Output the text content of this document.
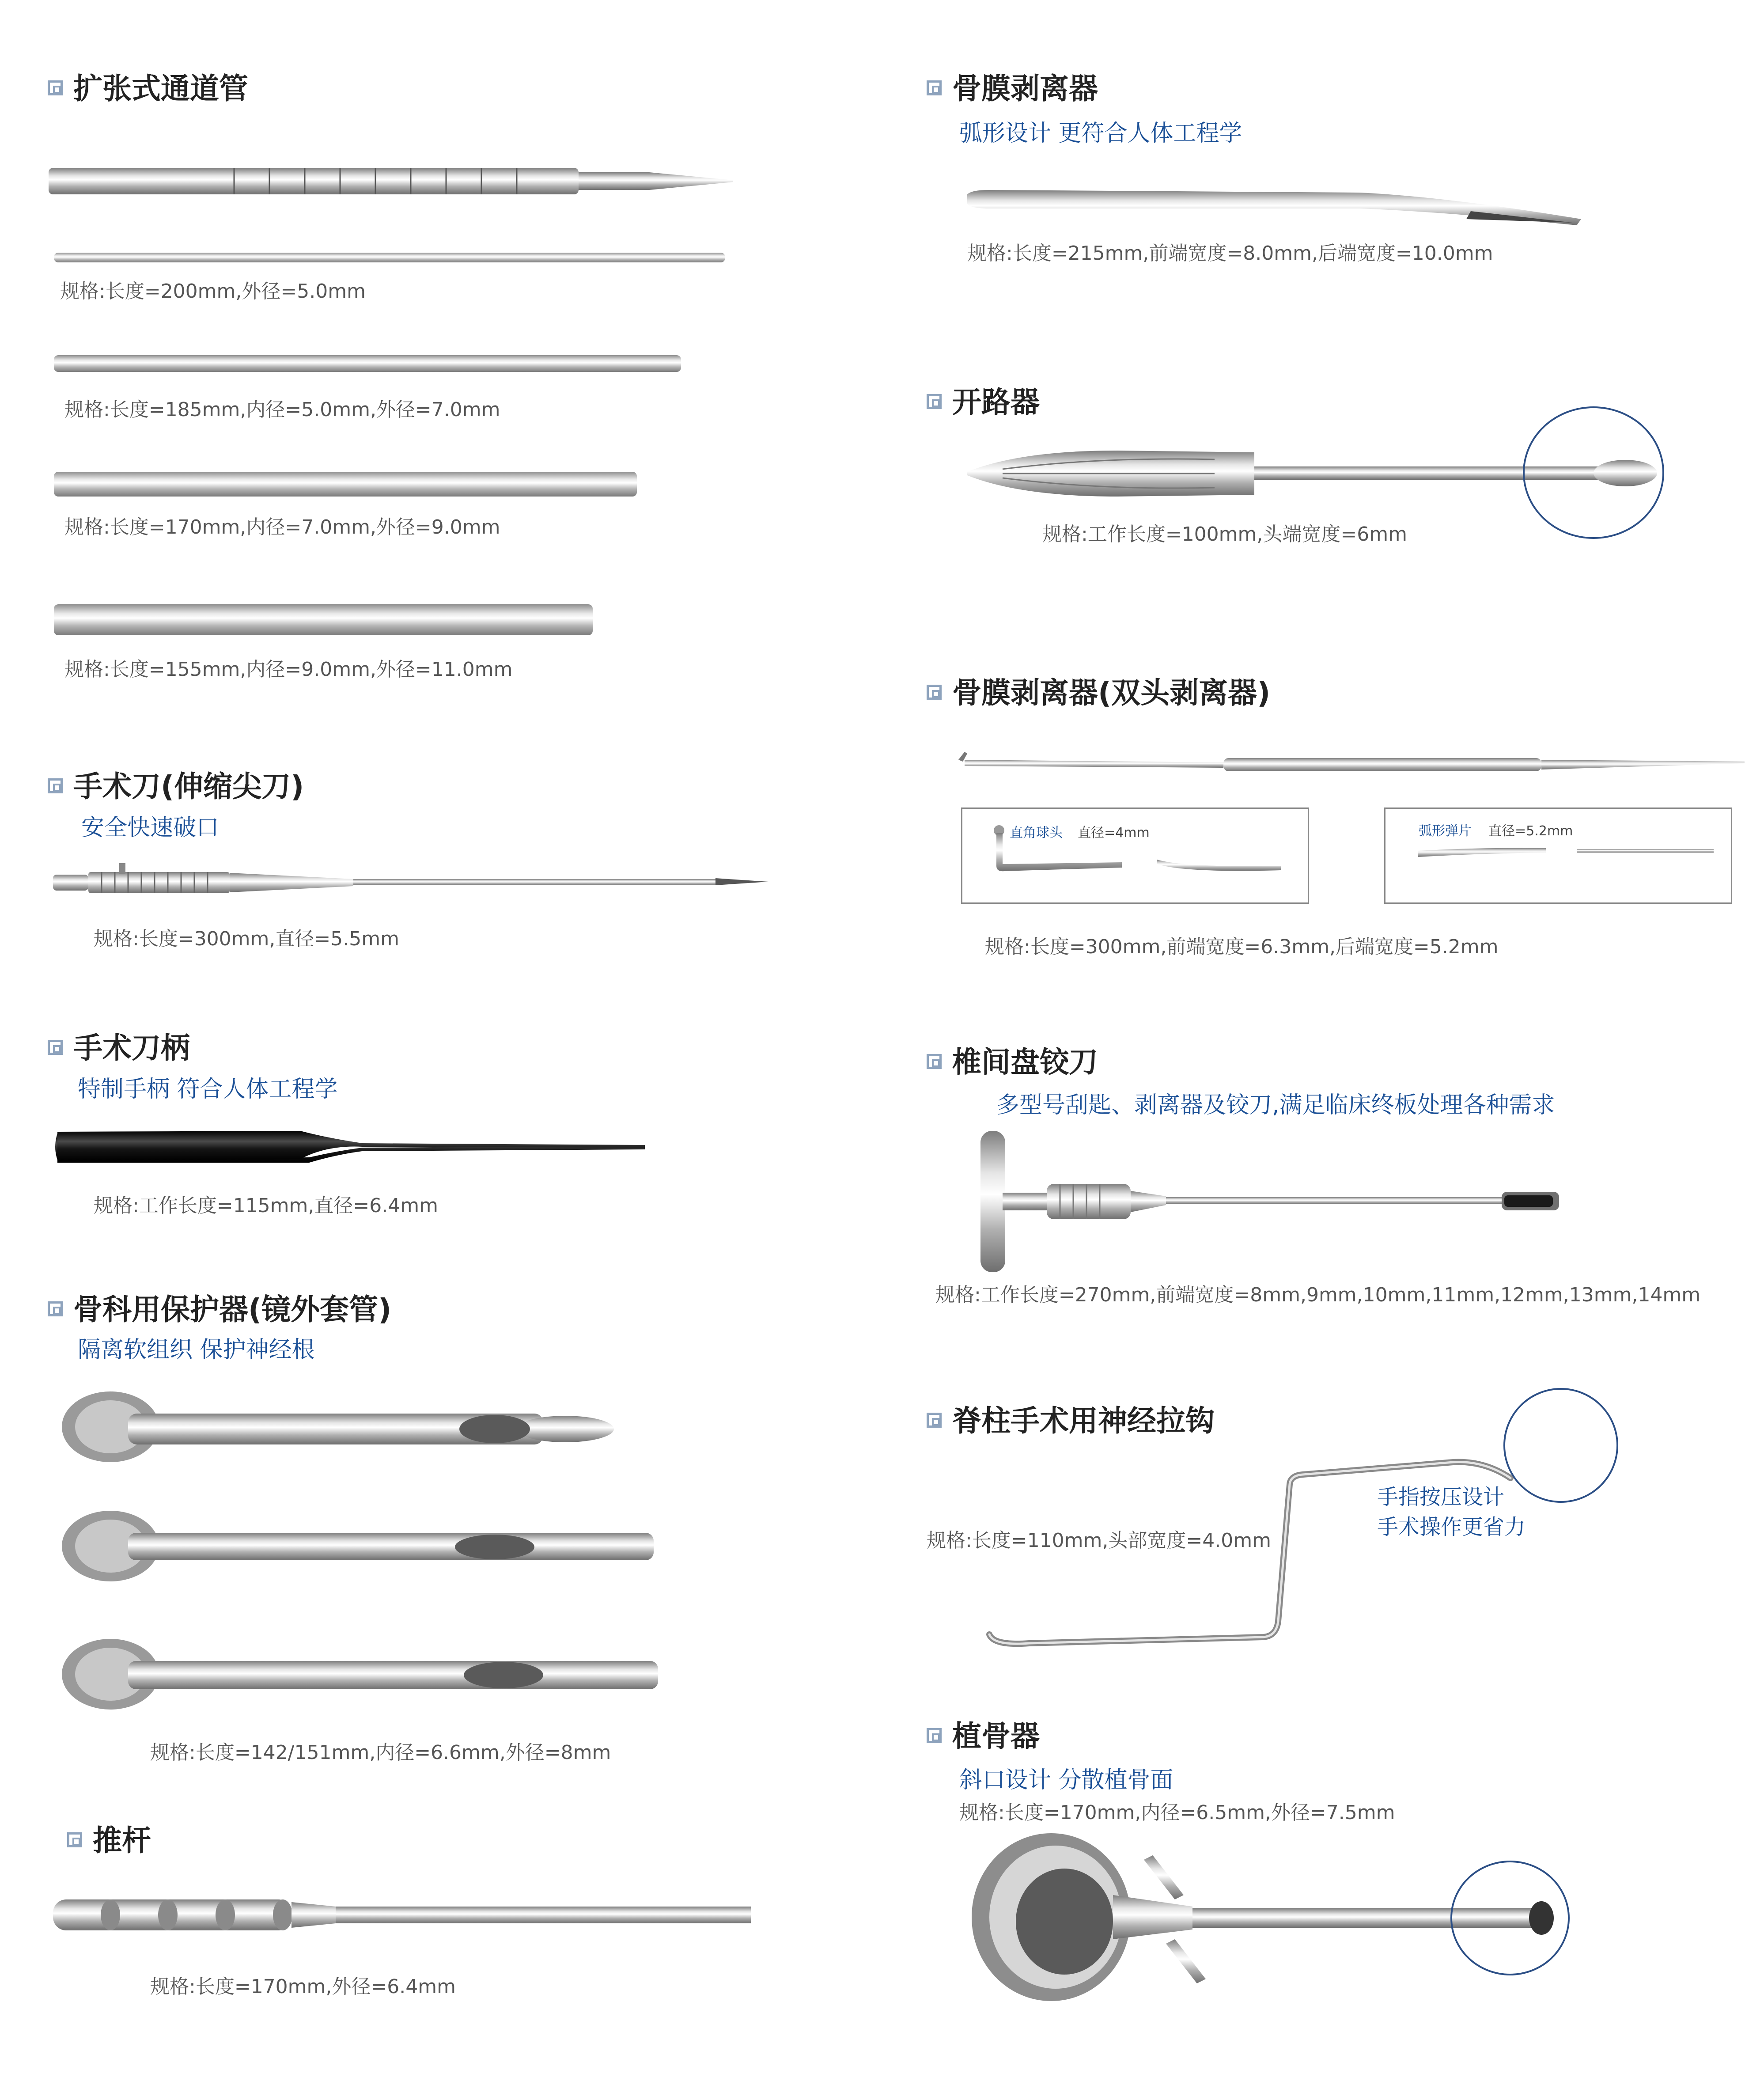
扩张式通道管
规格:长度=200mm,外径=5.0mm
规格:长度=185mm,内径=5.0mm,外径=7.0mm
规格:长度=170mm,内径=7.0mm,外径=9.0mm
规格:长度=155mm,内径=9.0mm,外径=11.0mm
手术刀(伸缩尖刀)
安全快速破口
规格:长度=300mm,直径=5.5mm
手术刀柄
特制手柄 符合人体工程学
规格:工作长度=115mm,直径=6.4mm
骨科用保护器(镜外套管)
隔离软组织 保护神经根
规格:长度=142/151mm,内径=6.6mm,外径=8mm
推杆
规格:长度=170mm,外径=6.4mm
骨膜剥离器
弧形设计 更符合人体工程学
规格:长度=215mm,前端宽度=8.0mm,后端宽度=10.0mm
开路器
规格:工作长度=100mm,头端宽度=6mm
骨膜剥离器(双头剥离器)
直角球头 直径=4mm	弧形弹片 直径=5.2mm
规格:长度=300mm,前端宽度=6.3mm,后端宽度=5.2mm
椎间盘铰刀
多型号刮匙、剥离器及铰刀,满足临床终板处理各种需求
规格:工作长度=270mm,前端宽度=8mm,9mm,10mm,11mm,12mm,13mm,14mm
脊柱手术用神经拉钩
规格:长度=110mm,头部宽度=4.0mm
手指按压设计
手术操作更省力
植骨器
斜口设计 分散植骨面
规格:长度=170mm,内径=6.5mm,外径=7.5mm
